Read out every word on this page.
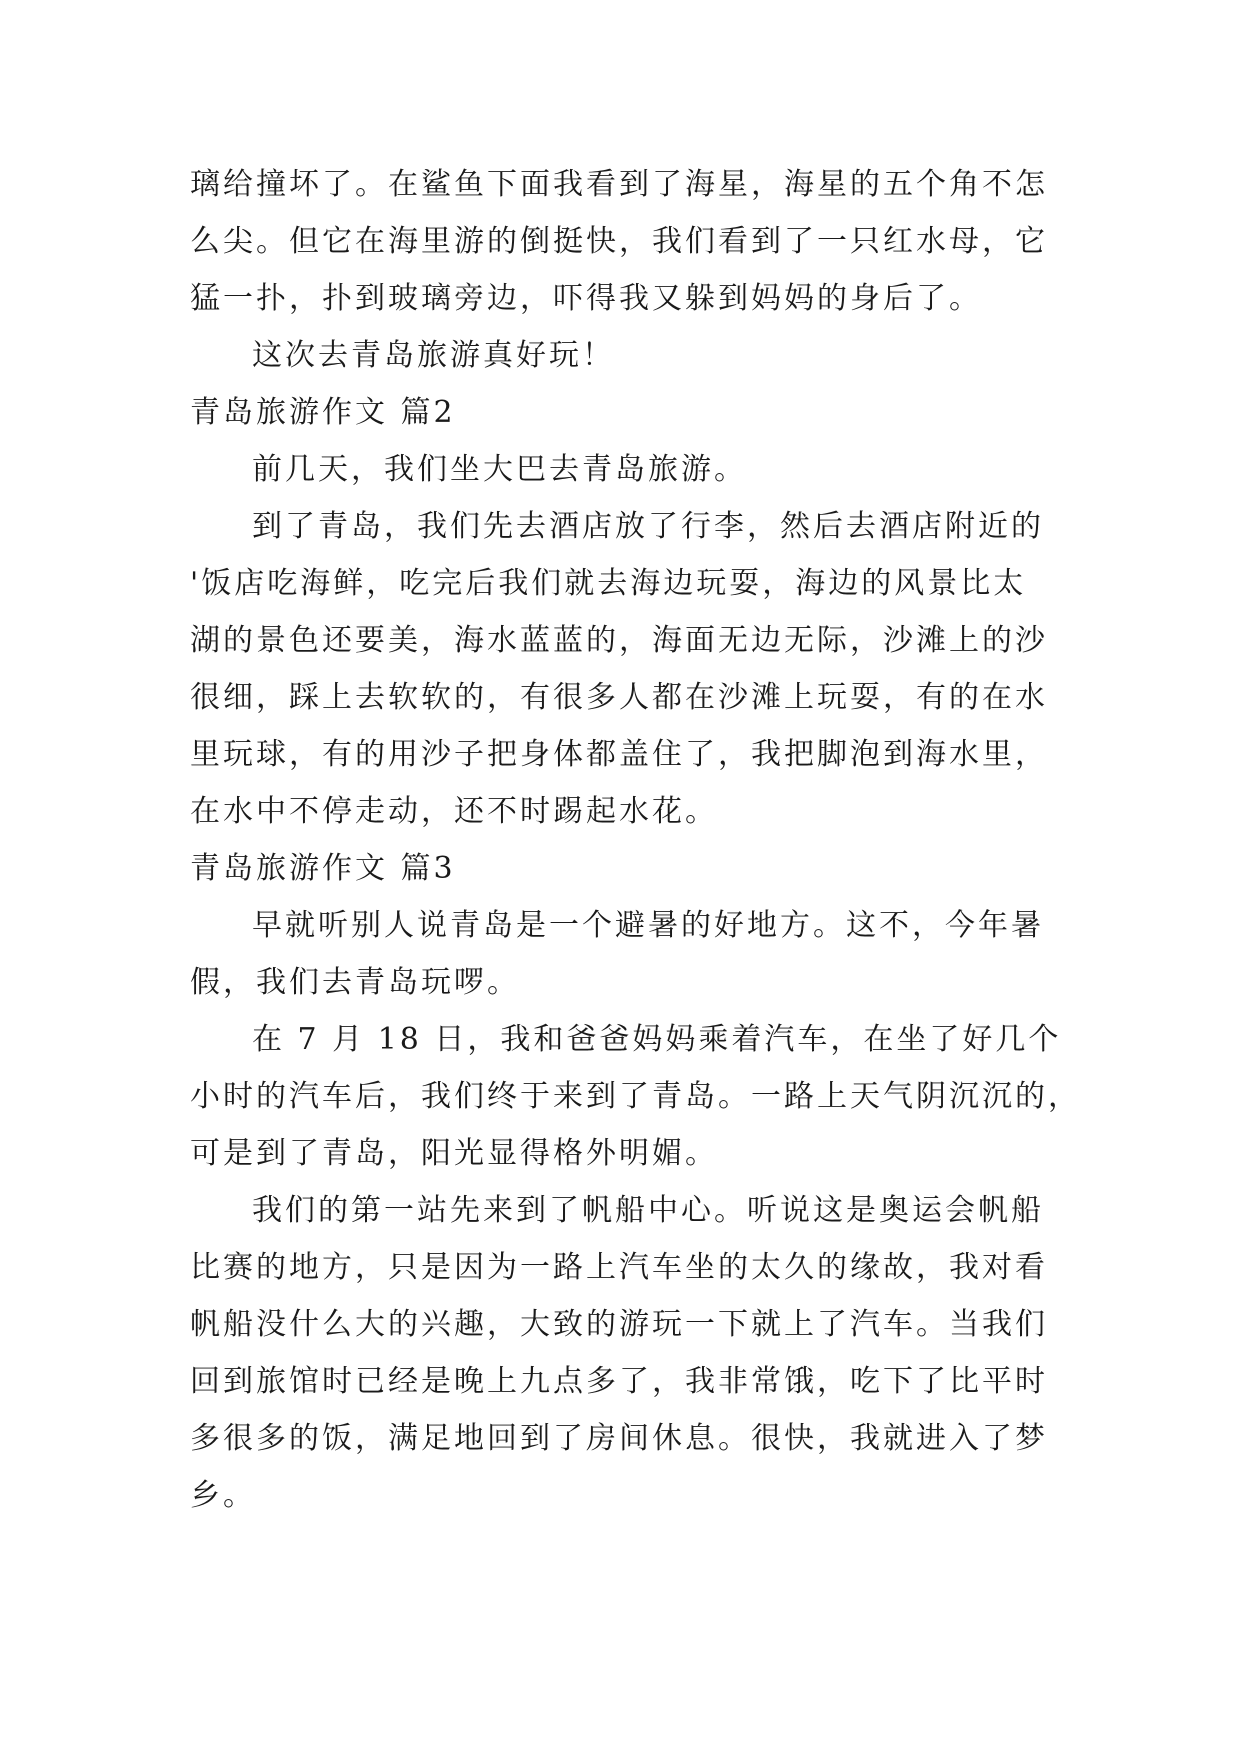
璃给撞坏了。在鲨鱼下面我看到了海星，海星的五个角不怎
么尖。但它在海里游的倒挺快，我们看到了一只红水母，它
猛一扑，扑到玻璃旁边，吓得我又躲到妈妈的身后了。
这次去青岛旅游真好玩！
青岛旅游作文 篇2
前几天，我们坐大巴去青岛旅游。
到了青岛，我们先去酒店放了行李，然后去酒店附近的
'饭店吃海鲜，吃完后我们就去海边玩耍，海边的风景比太
湖的景色还要美，海水蓝蓝的，海面无边无际，沙滩上的沙
很细，踩上去软软的，有很多人都在沙滩上玩耍，有的在水
里玩球，有的用沙子把身体都盖住了，我把脚泡到海水里，
在水中不停走动，还不时踢起水花。
青岛旅游作文 篇3
早就听别人说青岛是一个避暑的好地方。这不，今年暑
假，我们去青岛玩啰。
在 7 月 18 日，我和爸爸妈妈乘着汽车，在坐了好几个
小时的汽车后，我们终于来到了青岛。一路上天气阴沉沉的，
可是到了青岛，阳光显得格外明媚。
我们的第一站先来到了帆船中心。听说这是奥运会帆船
比赛的地方，只是因为一路上汽车坐的太久的缘故，我对看
帆船没什么大的兴趣，大致的游玩一下就上了汽车。当我们
回到旅馆时已经是晚上九点多了，我非常饿，吃下了比平时
多很多的饭，满足地回到了房间休息。很快，我就进入了梦
乡。
